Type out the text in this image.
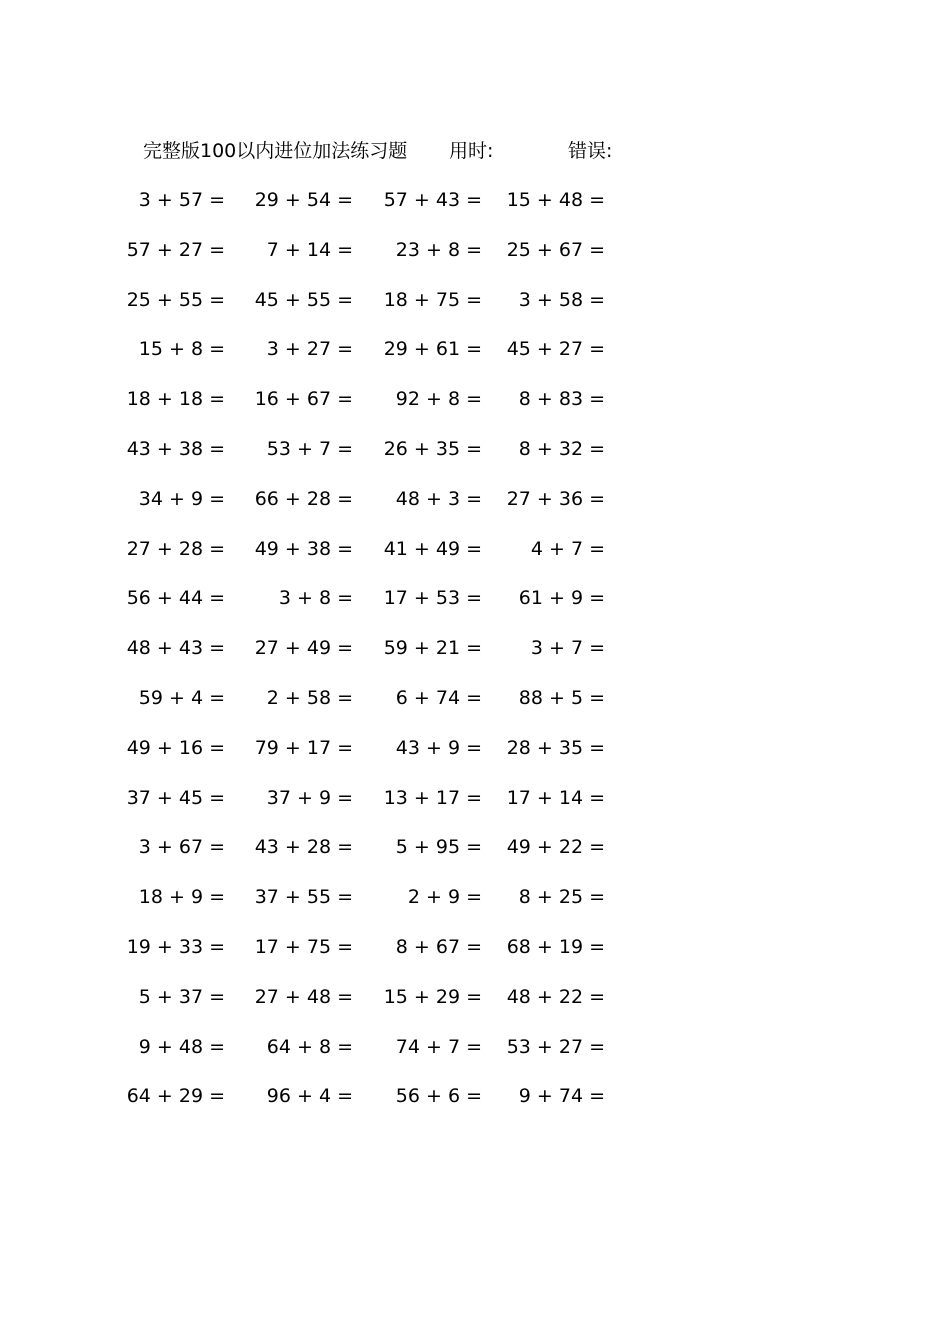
完整版100以内进位加法练习题 用时:	错误:
3 + 57 =	29 + 54 =	57 + 43 =	15 + 48 =
57 + 27 =	7 + 14 =	23 + 8 =	25 + 67 =
25 + 55 =	45 + 55 =	18 + 75 =	3 + 58 =
15 + 8 =	3 + 27 =	29 + 61 =	45 + 27 =
18 + 18 =	16 + 67 =	92 + 8 =	8 + 83 =
43 + 38 =	53 + 7 =	26 + 35 =	8 + 32 =
34 + 9 =	66 + 28 =	48 + 3 =	27 + 36 =
27 + 28 =	49 + 38 =	41 + 49 =	4 + 7 =
56 + 44 =	3 + 8 =	17 + 53 =	61 + 9 =
48 + 43 =	27 + 49 =	59 + 21 =	3 + 7 =
59 + 4 =	2 + 58 =	6 + 74 =	88 + 5 =
49 + 16 =	79 + 17 =	43 + 9 =	28 + 35 =
37 + 45 =	37 + 9 =	13 + 17 =	17 + 14 =
3 + 67 =	43 + 28 =	5 + 95 =	49 + 22 =
18 + 9 =	37 + 55 =	2 + 9 =	8 + 25 =
19 + 33 =	17 + 75 =	8 + 67 =	68 + 19 =
5 + 37 =	27 + 48 =	15 + 29 =	48 + 22 =
9 + 48 =	64 + 8 =	74 + 7 =	53 + 27 =
64 + 29 =	96 + 4 =	56 + 6 =	9 + 74 =
